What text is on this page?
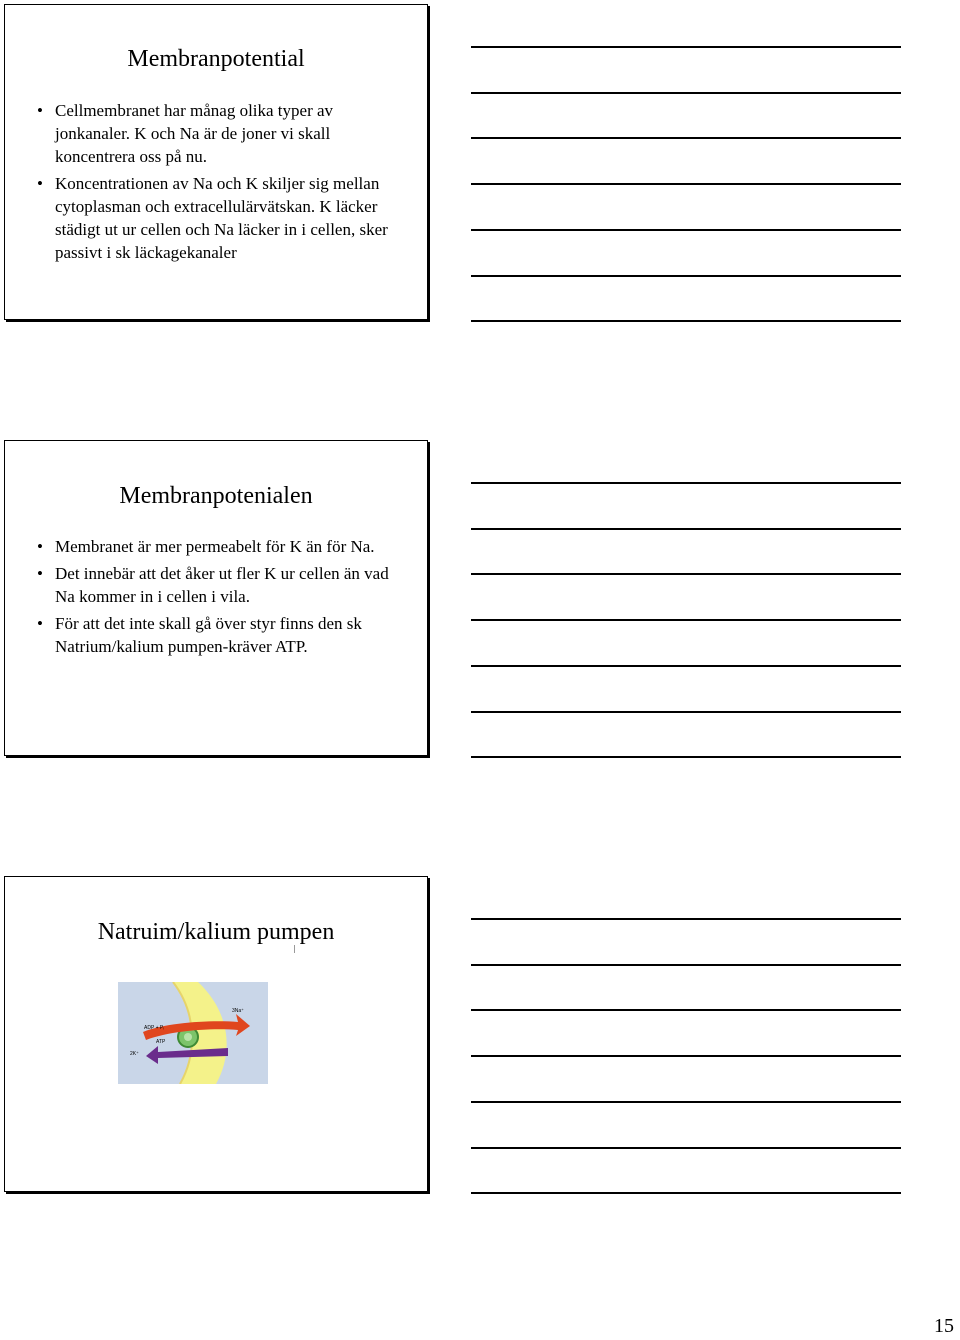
Membranpotential
• Cellmembranet har månag olika typer av jonkanaler. K och Na är de joner vi skall koncentrera oss på nu.
• Koncentrationen av Na och K skiljer sig mellan cytoplasman och extracellulärvätskan. K läcker städigt ut ur cellen och Na läcker in i cellen, sker passivt i sk läckagekanaler
Membranpotenialen
• Membranet är mer permeabelt för K än för Na.
• Det innebär att det åker ut fler K ur cellen än vad Na kommer in i cellen i vila.
• För att det inte skall gå över styr finns den sk Natrium/kalium pumpen-kräver ATP.
Natruim/kalium pumpen
3Na⁺
ADP + Pᵢ
ATP
2K⁺
15
